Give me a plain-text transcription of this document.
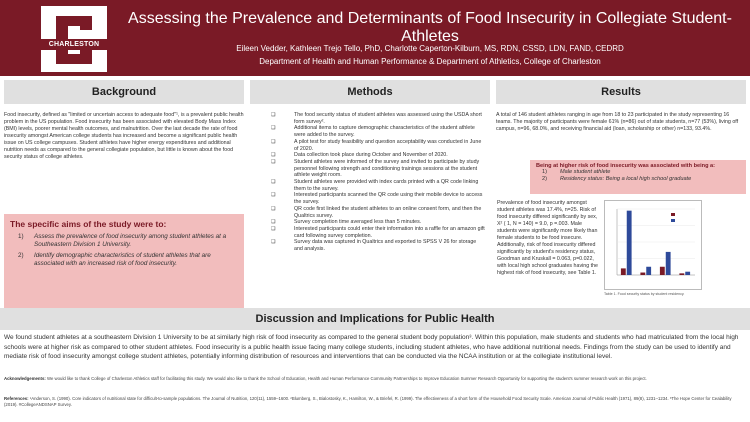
CHARLESTON
Assessing the Prevalence and Determinants of Food Insecurity in Collegiate Student-Athletes
Eileen Vedder, Kathleen Trejo Tello, PhD, Charlotte Caperton-Kilburn, MS, RDN, CSSD, LDN, FAND, CEDRD
Department of Health and Human Performance & Department of Athletics, College of Charleston
Background
Food insecurity, defined as "limited or uncertain access to adequate food"¹, is a prevalent public health problem in the US population. Food insecurity has been associated with elevated Body Mass Index (BMI) levels, poorer mental health outcomes, and malnutrition. Over the last decade the rate of food insecurity amongst American college students has increased and become a significant public health issue on US college campuses. Student athletes have higher energy expenditures and additional nutrition needs as compared to the general collegiate population, but little is known about the food security status of college athletes.
The specific aims of the study were to:
1)	Assess the prevalence of food insecurity among student athletes at a Southeastern Division 1 University.
2)	Identify demographic characteristics of student athletes that are associated with an increased risk of food insecurity.
Methods
❑	The food security status of student athletes was assessed using the USDA short form survey².
❑	Additional items to capture demographic characteristics of the student athlete were added to the survey.
❑	A pilot test for study feasibility and question acceptability was conducted in June of 2020.
❑	Data collection took place during October and November of 2020.
❑	Student athletes were informed of the survey and invited to participate by study personnel following strength and conditioning trainings sessions at the student athlete weight room.
❑	Student athletes were provided with index cards printed with a QR code linking them to the survey.
❑	Interested participants scanned the QR code using their mobile device to access the survey.
❑	QR code first linked the student athletes to an online consent form, and then the Qualtrics survey.
❑	Survey completion time averaged less than 5 minutes.
❑	Interested participants could enter their information into a raffle for an amazon gift card following survey completion.
❑	Survey data was captured in Qualtrics and exported to SPSS V 26 for storage and analysis.
Results
A total of 146 student athletes ranging in age from 18 to 23 participated in the study representing 16 teams. The majority of participants were female 61% (n=86) out of state students, n=77 (53%), living off campus, n=96, 68.0%, and receiving financial aid (loan, scholarship or other) n=133, 93.4%.
Being at higher risk of food insecurity was associated with being a:
1)	Male student athlete
2)	Residency status: Being a local high school graduate
Prevalence of food insecurity amongst student athletes was 17.4%, n=25. Risk of food insecurity differed significantly by sex, X² ( 1, N = 140) = 9.0, p =.003. Male students were significantly more likely than female students to be food insecure. Additionally, risk of food insecurity differed significantly by student's residency status, Goodman and Kruskall = 0.063, p=0.022, with local high school graduates having the highest risk of food insecurity, see Table 1.
Table 1. Food security status by student residency.
Discussion and Implications for Public Health
We found student athletes at a southeastern Division 1 University to be at similarly high risk of food insecurity as compared to the general student body population³. Within this population, male students and students who had matriculated from the local high schools were at higher risk as compared to other student athletes. Food insecurity is a public health issue facing many college students, including student athletes, who have additional nutritional needs. Findings from the study can be used to identify and mediate risk of food insecurity amongst college student athletes, potentially informing distribution of resources and interventions that can be conducted via the NCAA institution or at the collegiate institutional level.
Acknowledgements: We would like to thank College of Charleston Athletics staff for facilitating this study. We would also like to thank the School of Education, Health and Human Performance Community Partnerships to Improve Education Summer Research Opportunity for supporting the student's summer research work on this project.
References: ¹Anderson, S. (1990). Core indicators of nutritional state for difficult-to-sample populations. The Journal of Nutrition, 120(11), 1559–1600. ²Blumberg, S., Bialostosky, K., Hamilton, W., & Briefel, R. (1999). The effectiveness of a short form of the Household Food Security Scale. American Journal of Public Health (1971), 89(8), 1231–1234. ³The Hope Center for Cealability (2019). #CollegeANDSNAP Survey.
